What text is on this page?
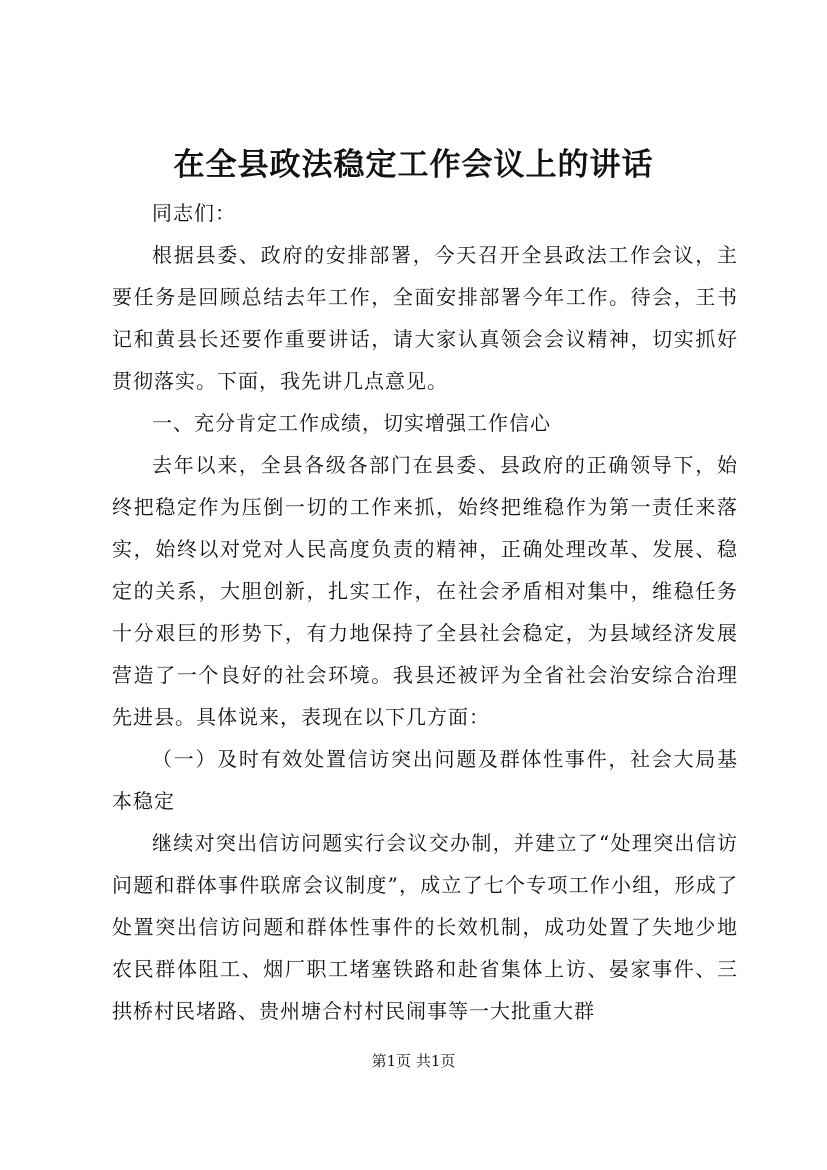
在全县政法稳定工作会议上的讲话

同志们：

根据县委、政府的安排部署，今天召开全县政法工作会议，主要任务是回顾总结去年工作，全面安排部署今年工作。待会，王书记和黄县长还要作重要讲话，请大家认真领会会议精神，切实抓好贯彻落实。下面，我先讲几点意见。

一、充分肯定工作成绩，切实增强工作信心

去年以来，全县各级各部门在县委、县政府的正确领导下，始终把稳定作为压倒一切的工作来抓，始终把维稳作为第一责任来落实，始终以对党对人民高度负责的精神，正确处理改革、发展、稳定的关系，大胆创新，扎实工作，在社会矛盾相对集中，维稳任务十分艰巨的形势下，有力地保持了全县社会稳定，为县域经济发展营造了一个良好的社会环境。我县还被评为全省社会治安综合治理先进县。具体说来，表现在以下几方面：

（一）及时有效处置信访突出问题及群体性事件，社会大局基本稳定

继续对突出信访问题实行会议交办制，并建立了“处理突出信访问题和群体事件联席会议制度”，成立了七个专项工作小组，形成了处置突出信访问题和群体性事件的长效机制，成功处置了失地少地农民群体阻工、烟厂职工堵塞铁路和赴省集体上访、晏家事件、三拱桥村民堵路、贵州塘合村村民闹事等一大批重大群

第1页 共1页
